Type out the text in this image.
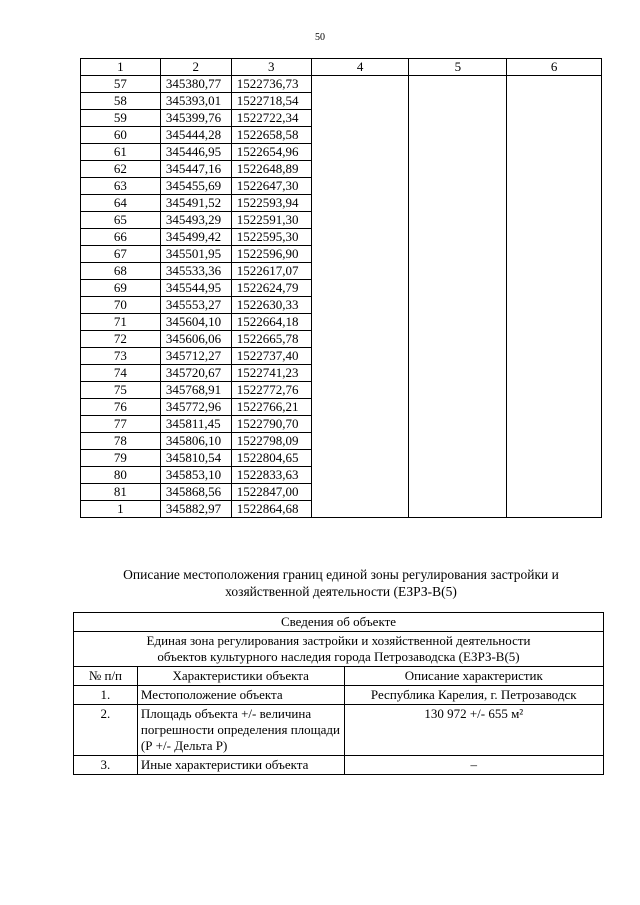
50
1	2	3	4	5	6
57	345380,77	1522736,73			
58	345393,01	1522718,54			
59	345399,76	1522722,34			
60	345444,28	1522658,58			
61	345446,95	1522654,96			
62	345447,16	1522648,89			
63	345455,69	1522647,30			
64	345491,52	1522593,94			
65	345493,29	1522591,30			
66	345499,42	1522595,30			
67	345501,95	1522596,90			
68	345533,36	1522617,07			
69	345544,95	1522624,79			
70	345553,27	1522630,33			
71	345604,10	1522664,18			
72	345606,06	1522665,78			
73	345712,27	1522737,40			
74	345720,67	1522741,23			
75	345768,91	1522772,76			
76	345772,96	1522766,21			
77	345811,45	1522790,70			
78	345806,10	1522798,09			
79	345810,54	1522804,65			
80	345853,10	1522833,63			
81	345868,56	1522847,00			
1	345882,97	1522864,68			
Описание местоположения границ единой зоны регулирования застройки и
хозяйственной деятельности (ЕЗРЗ-В(5)
Сведения об объекте		

Единая зона регулирования застройки и хозяйственной деятельности
объектов культурного наследия города Петрозаводска (ЕЗРЗ-В(5)		

№ п/п	Характеристики объекта	Описание характеристик
1.	Местоположение объекта	Республика Карелия, г. Петрозаводск
2.	Площадь объекта +/- величина погрешности определения площади (Р +/- Дельта Р)	130 972 +/- 655 м²
3.	Иные характеристики объекта	–
